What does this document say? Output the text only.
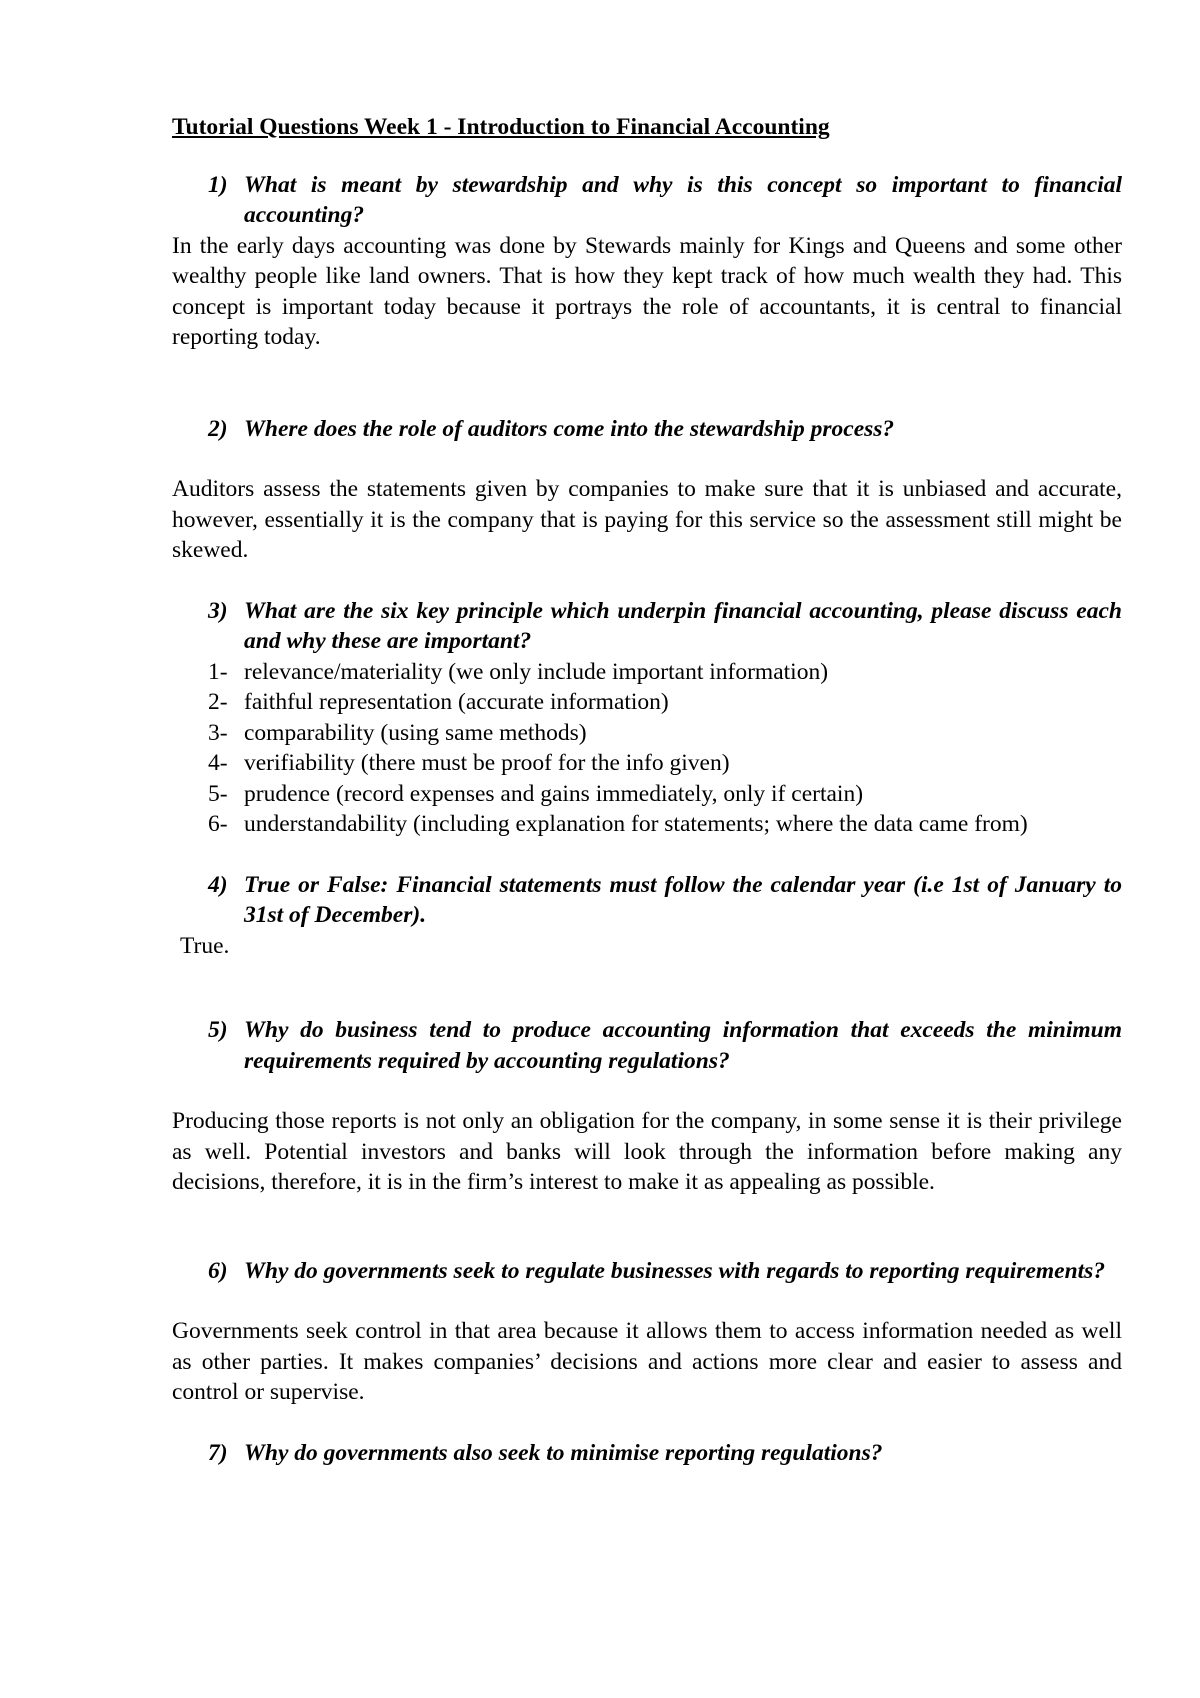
Tutorial Questions Week 1 - Introduction to Financial Accounting

1) What is meant by stewardship and why is this concept so important to financial accounting?

In the early days accounting was done by Stewards mainly for Kings and Queens and some other wealthy people like land owners. That is how they kept track of how much wealth they had. This concept is important today because it portrays the role of accountants, it is central to financial reporting today.

2) Where does the role of auditors come into the stewardship process?

Auditors assess the statements given by companies to make sure that it is unbiased and accurate, however, essentially it is the company that is paying for this service so the assessment still might be skewed.

3) What are the six key principle which underpin financial accounting, please discuss each and why these are important?
1- relevance/materiality (we only include important information)
2- faithful representation (accurate information)
3- comparability (using same methods)
4- verifiability (there must be proof for the info given)
5- prudence (record expenses and gains immediately, only if certain)
6- understandability (including explanation for statements; where the data came from)
4) True or False: Financial statements must follow the calendar year (i.e 1st of January to 31st of December).

True.

5) Why do business tend to produce accounting information that exceeds the minimum requirements required by accounting regulations?

Producing those reports is not only an obligation for the company, in some sense it is their privilege as well. Potential investors and banks will look through the information before making any decisions, therefore, it is in the firm’s interest to make it as appealing as possible.

6) Why do governments seek to regulate businesses with regards to reporting requirements?

Governments seek control in that area because it allows them to access information needed as well as other parties. It makes companies’ decisions and actions more clear and easier to assess and control or supervise.

7) Why do governments also seek to minimise reporting regulations?
